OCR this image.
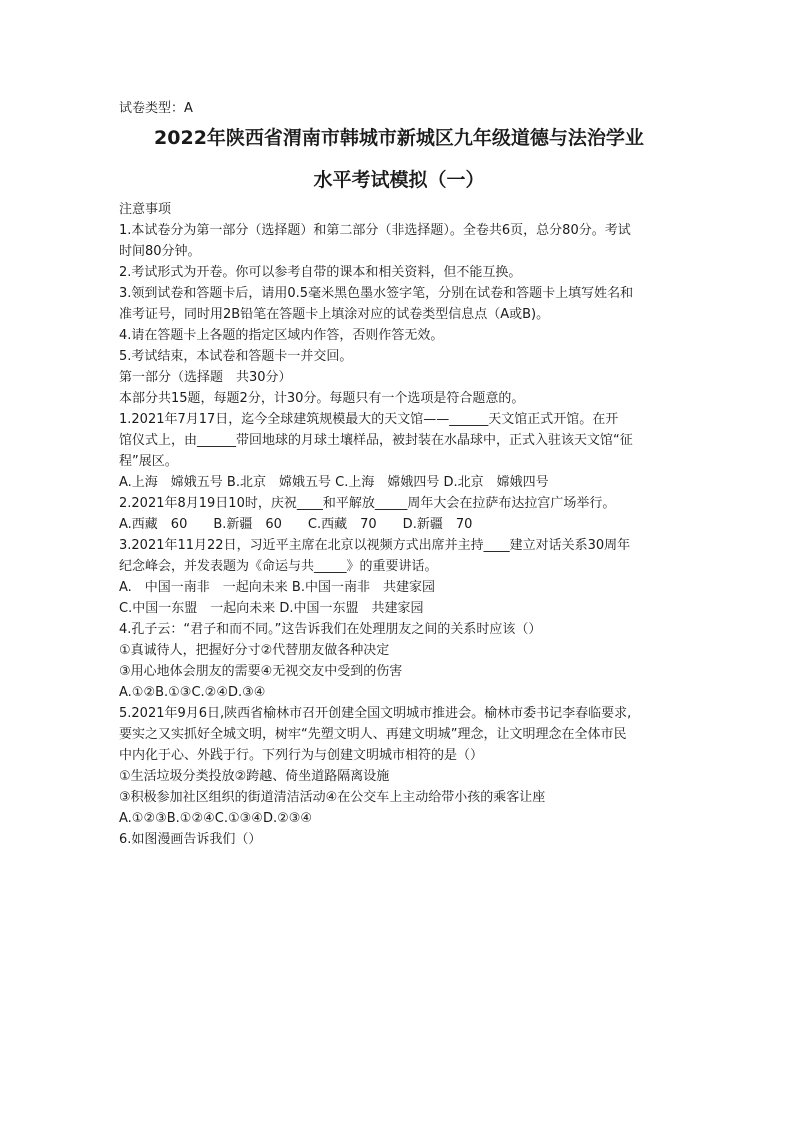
试卷类型：A
2022年陕西省渭南市韩城市新城区九年级道德与法治学业
水平考试模拟（一）
注意事项
1.本试卷分为第一部分（选择题）和第二部分（非选择题）。全卷共6页，总分80分。考试
时间80分钟。
2.考试形式为开卷。你可以参考自带的课本和相关资料，但不能互换。
3.领到试卷和答题卡后，请用0.5毫米黑色墨水签字笔，分别在试卷和答题卡上填写姓名和
准考证号，同时用2B铅笔在答题卡上填涂对应的试卷类型信息点（A或B)。
4.请在答题卡上各题的指定区域内作答，否则作答无效。
5.考试结束，本试卷和答题卡一并交回。
第一部分（选择题　共30分）
本部分共15题，每题2分，计30分。每题只有一个选项是符合题意的。
1.2021年7月17日，迄今全球建筑规模最大的天文馆——______天文馆正式开馆。在开
馆仪式上，由______带回地球的月球土壤样品，被封装在水晶球中，正式入驻该天文馆“征
程”展区。
A.上海　嫦娥五号 B.北京　嫦娥五号 C.上海　嫦娥四号 D.北京　嫦娥四号
2.2021年8月19日10时，庆祝____和平解放_____周年大会在拉萨布达拉宫广场举行。
A.西藏　60　　B.新疆　60　　C.西藏　70　　D.新疆　70
3.2021年11月22日，习近平主席在北京以视频方式出席并主持____建立对话关系30周年
纪念峰会，并发表题为《命运与共_____》的重要讲话。
A.　中国一南非　一起向未来 B.中国一南非　共建家园
C.中国一东盟　一起向未来 D.中国一东盟　共建家园
4.孔子云：“君子和而不同。”这告诉我们在处理朋友之间的关系时应该（）
①真诚待人，把握好分寸②代替朋友做各种决定
③用心地体会朋友的需要④无视交友中受到的伤害
A.①②B.①③C.②④D.③④
5.2021年9月6日,陕西省榆林市召开创建全国文明城市推进会。榆林市委书记李春临要求,
要实之又实抓好全城文明，树牢“先塑文明人、再建文明城”理念，让文明理念在全体市民
中内化于心、外践于行。下列行为与创建文明城市相符的是（）
①生活垃圾分类投放②跨越、倚坐道路隔离设施
③积极参加社区组织的街道清洁活动④在公交车上主动给带小孩的乘客让座
A.①②③B.①②④C.①③④D.②③④
6.如图漫画告诉我们（）
